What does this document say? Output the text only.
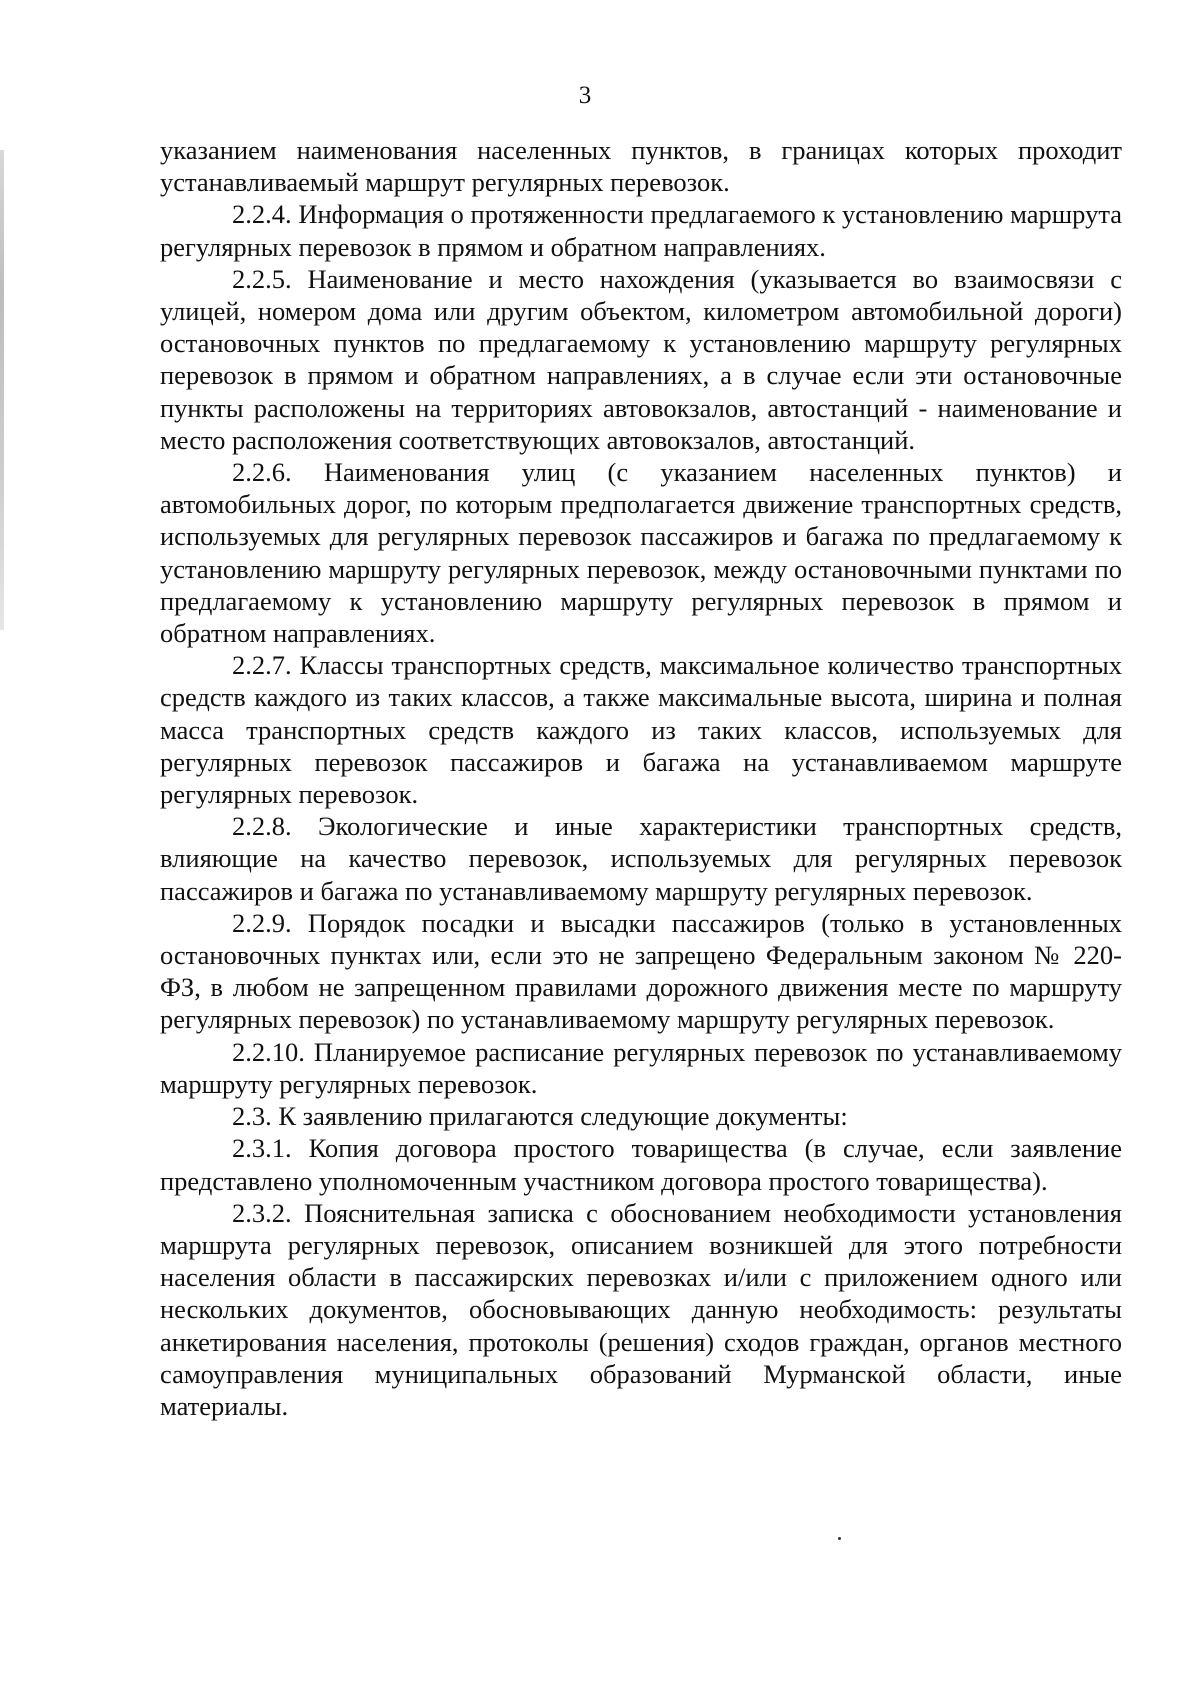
3

указанием наименования населенных пунктов, в границах которых проходит устанавливаемый маршрут регулярных перевозок.

2.2.4. Информация о протяженности предлагаемого к установлению маршрута регулярных перевозок в прямом и обратном направлениях.

2.2.5. Наименование и место нахождения (указывается во взаимосвязи с улицей, номером дома или другим объектом, километром автомобильной дороги) остановочных пунктов по предлагаемому к установлению маршруту регулярных перевозок в прямом и обратном направлениях, а в случае если эти остановочные пункты расположены на территориях автовокзалов, автостанций - наименование и место расположения соответствующих автовокзалов, автостанций.

2.2.6. Наименования улиц (с указанием населенных пунктов) и автомобильных дорог, по которым предполагается движение транспортных средств, используемых для регулярных перевозок пассажиров и багажа по предлагаемому к установлению маршруту регулярных перевозок, между остановочными пунктами по предлагаемому к установлению маршруту регулярных перевозок в прямом и обратном направлениях.

2.2.7. Классы транспортных средств, максимальное количество транспортных средств каждого из таких классов, а также максимальные высота, ширина и полная масса транспортных средств каждого из таких классов, используемых для регулярных перевозок пассажиров и багажа на устанавливаемом маршруте регулярных перевозок.

2.2.8. Экологические и иные характеристики транспортных средств, влияющие на качество перевозок, используемых для регулярных перевозок пассажиров и багажа по устанавливаемому маршруту регулярных перевозок.

2.2.9. Порядок посадки и высадки пассажиров (только в установленных остановочных пунктах или, если это не запрещено Федеральным законом № 220-ФЗ, в любом не запрещенном правилами дорожного движения месте по маршруту регулярных перевозок) по устанавливаемому маршруту регулярных перевозок.

2.2.10. Планируемое расписание регулярных перевозок по устанавливаемому маршруту регулярных перевозок.

2.3. К заявлению прилагаются следующие документы:

2.3.1. Копия договора простого товарищества (в случае, если заявление представлено уполномоченным участником договора простого товарищества).

2.3.2. Пояснительная записка с обоснованием необходимости установления маршрута регулярных перевозок, описанием возникшей для этого потребности населения области в пассажирских перевозках и/или с приложением одного или нескольких документов, обосновывающих данную необходимость: результаты анкетирования населения, протоколы (решения) сходов граждан, органов местного самоуправления муниципальных образований Мурманской области, иные материалы.
